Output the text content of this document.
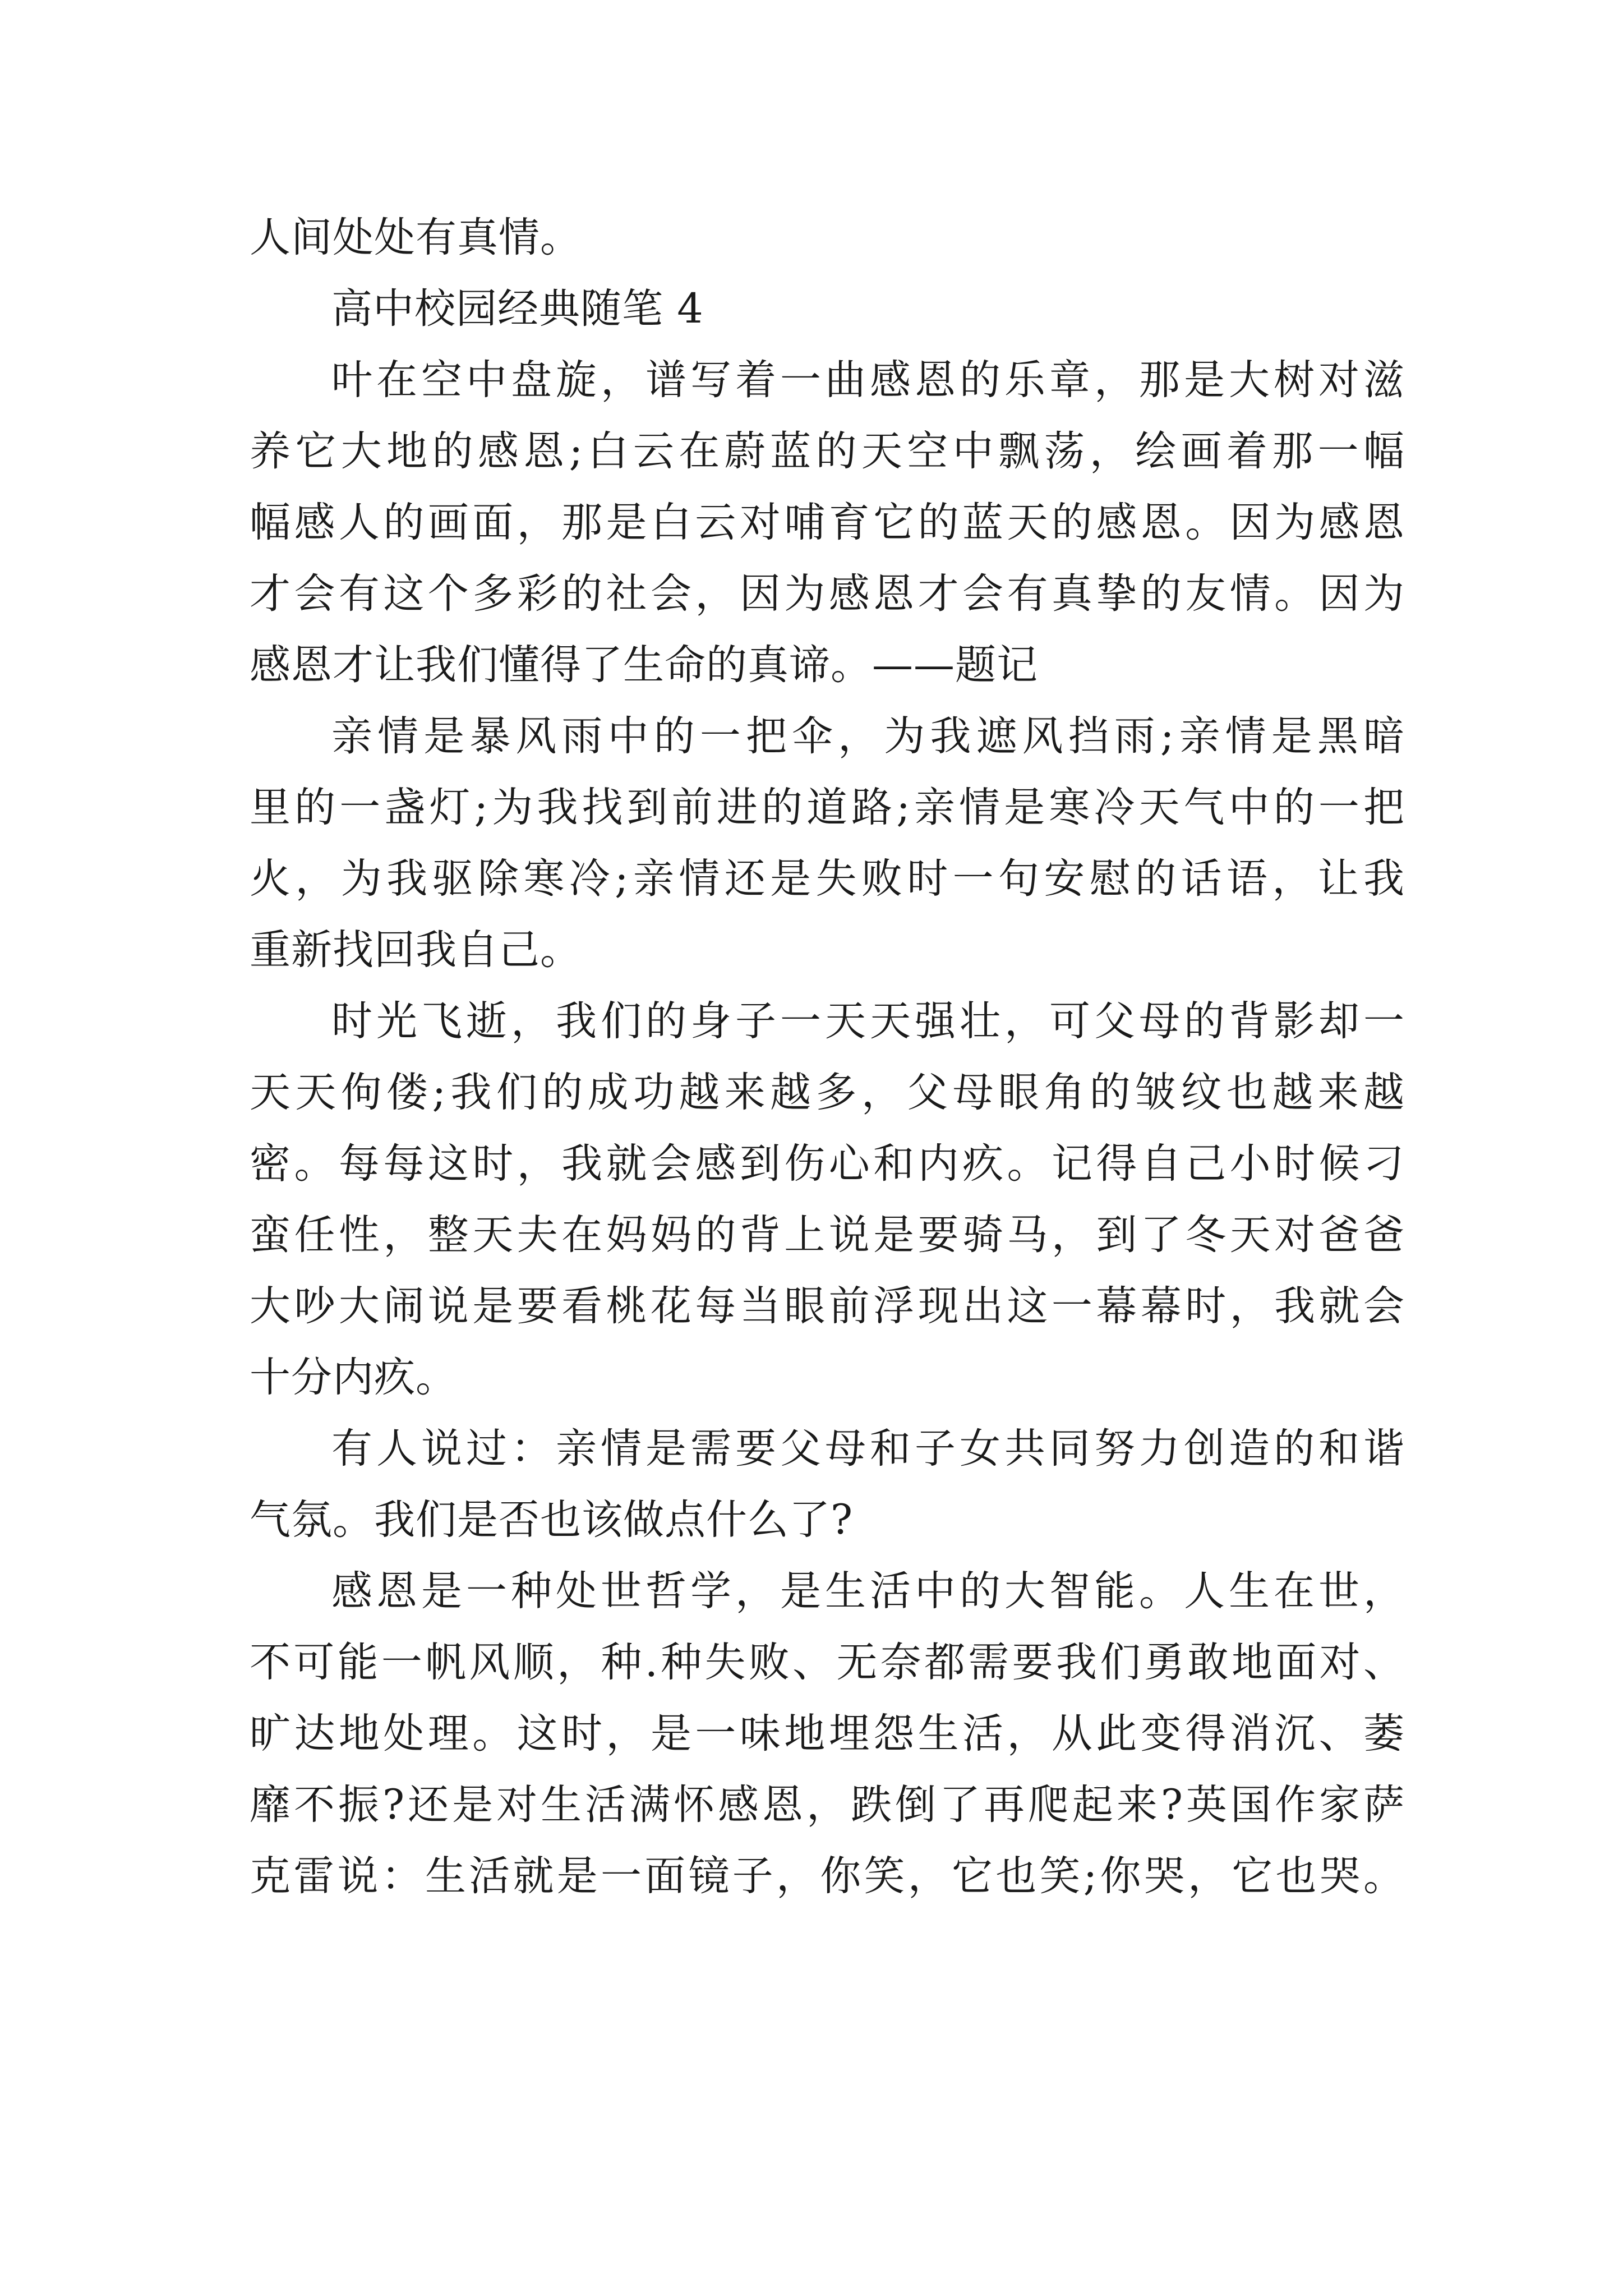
人间处处有真情。
高中校园经典随笔 4
叶在空中盘旋，谱写着一曲感恩的乐章，那是大树对滋
养它大地的感恩;白云在蔚蓝的天空中飘荡，绘画着那一幅
幅感人的画面，那是白云对哺育它的蓝天的感恩。因为感恩
才会有这个多彩的社会，因为感恩才会有真挚的友情。因为
感恩才让我们懂得了生命的真谛。——题记
亲情是暴风雨中的一把伞，为我遮风挡雨;亲情是黑暗
里的一盏灯;为我找到前进的道路;亲情是寒冷天气中的一把
火，为我驱除寒冷;亲情还是失败时一句安慰的话语，让我
重新找回我自己。
时光飞逝，我们的身子一天天强壮，可父母的背影却一
天天佝偻;我们的成功越来越多，父母眼角的皱纹也越来越
密。每每这时，我就会感到伤心和内疚。记得自己小时候刁
蛮任性，整天夫在妈妈的背上说是要骑马，到了冬天对爸爸
大吵大闹说是要看桃花每当眼前浮现出这一幕幕时，我就会
十分内疚。
有人说过：亲情是需要父母和子女共同努力创造的和谐
气氛。我们是否也该做点什么了?
感恩是一种处世哲学，是生活中的大智能。人生在世，
不可能一帆风顺，种.种失败、无奈都需要我们勇敢地面对、
旷达地处理。这时，是一味地埋怨生活，从此变得消沉、萎
靡不振?还是对生活满怀感恩，跌倒了再爬起来?英国作家萨
克雷说：生活就是一面镜子，你笑，它也笑;你哭，它也哭。
